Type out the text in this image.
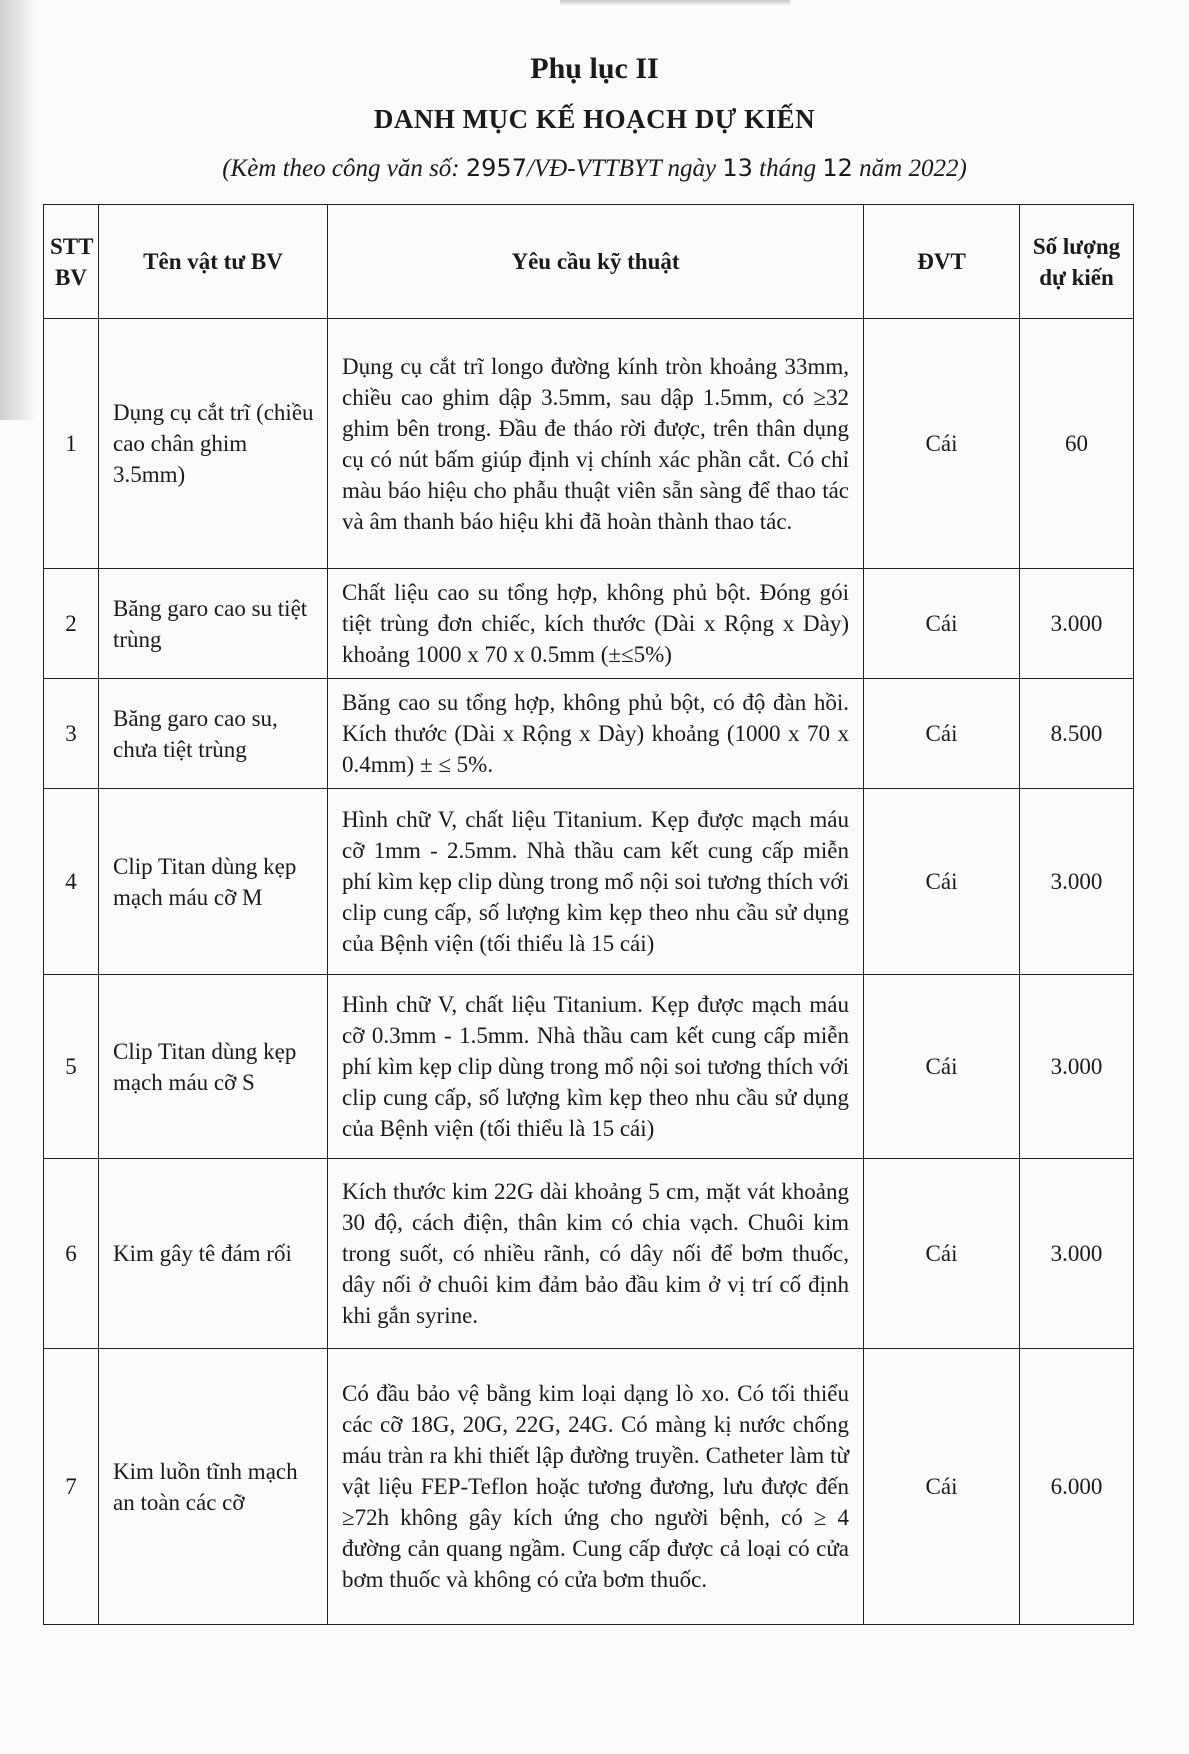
Phụ lục II
DANH MỤC KẾ HOẠCH DỰ KIẾN
(Kèm theo công văn số: 2957/VĐ-VTTBYT ngày 13 tháng 12 năm 2022)
STT BV	Tên vật tư BV	Yêu cầu kỹ thuật	ĐVT	Số lượng dự kiến
1	Dụng cụ cắt trĩ (chiều cao chân ghim 3.5mm)	Dụng cụ cắt trĩ longo đường kính tròn khoảng 33mm, chiều cao ghim dập 3.5mm, sau dập 1.5mm, có ≥32 ghim bên trong. Đầu đe tháo rời được, trên thân dụng cụ có nút bấm giúp định vị chính xác phần cắt. Có chỉ màu báo hiệu cho phẫu thuật viên sẵn sàng để thao tác và âm thanh báo hiệu khi đã hoàn thành thao tác.	Cái	60
2	Băng garo cao su tiệt trùng	Chất liệu cao su tổng hợp, không phủ bột. Đóng gói tiệt trùng đơn chiếc, kích thước (Dài x Rộng x Dày) khoảng 1000 x 70 x 0.5mm (±≤5%)	Cái	3.000
3	Băng garo cao su, chưa tiệt trùng	Băng cao su tổng hợp, không phủ bột, có độ đàn hồi. Kích thước (Dài x Rộng x Dày) khoảng (1000 x 70 x 0.4mm) ± ≤ 5%.	Cái	8.500
4	Clip Titan dùng kẹp mạch máu cỡ M	Hình chữ V, chất liệu Titanium. Kẹp được mạch máu cỡ 1mm - 2.5mm. Nhà thầu cam kết cung cấp miễn phí kìm kẹp clip dùng trong mổ nội soi tương thích với clip cung cấp, số lượng kìm kẹp theo nhu cầu sử dụng của Bệnh viện (tối thiểu là 15 cái)	Cái	3.000
5	Clip Titan dùng kẹp mạch máu cỡ S	Hình chữ V, chất liệu Titanium. Kẹp được mạch máu cỡ 0.3mm - 1.5mm. Nhà thầu cam kết cung cấp miễn phí kìm kẹp clip dùng trong mổ nội soi tương thích với clip cung cấp, số lượng kìm kẹp theo nhu cầu sử dụng của Bệnh viện (tối thiểu là 15 cái)	Cái	3.000
6	Kim gây tê đám rối	Kích thước kim 22G dài khoảng 5 cm, mặt vát khoảng 30 độ, cách điện, thân kim có chia vạch. Chuôi kim trong suốt, có nhiều rãnh, có dây nối để bơm thuốc, dây nối ở chuôi kim đảm bảo đầu kim ở vị trí cố định khi gắn syrine.	Cái	3.000
7	Kim luồn tĩnh mạch an toàn các cỡ	Có đầu bảo vệ bằng kim loại dạng lò xo. Có tối thiểu các cỡ 18G, 20G, 22G, 24G. Có màng kị nước chống máu tràn ra khi thiết lập đường truyền. Catheter làm từ vật liệu FEP-Teflon hoặc tương đương, lưu được đến ≥72h không gây kích ứng cho người bệnh, có ≥ 4 đường cản quang ngầm. Cung cấp được cả loại có cửa bơm thuốc và không có cửa bơm thuốc.	Cái	6.000
